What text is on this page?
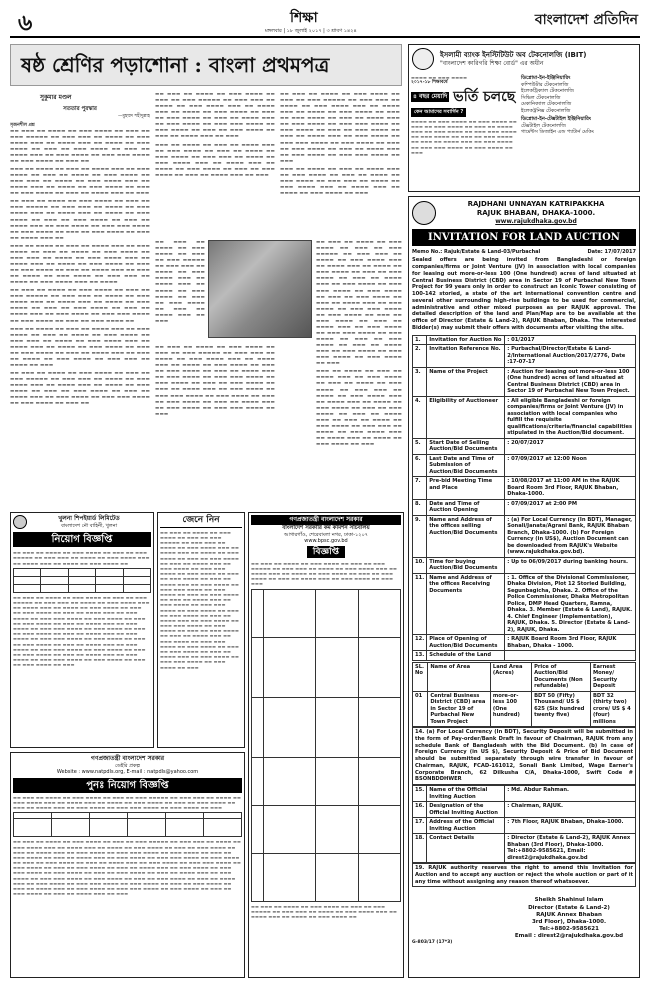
৬	শিক্ষা
মঙ্গলবার | ১৮ জুলাই ২০১৭ | ৩ শ্রাবণ ১৪২৪
বাংলাদেশ প্রতিদিন
ষষ্ঠ শ্রেণির পড়াশোনা : বাংলা প্রথমপত্র
সুকুমার মণ্ডল
সততার পুরস্কার
—মুহম্মদ শহীদুল্লাহ
সৃজনশীল প্রশ্ন

▬▬ ▬▬▬ ▬▬ ▬▬▬▬ ▬▬ ▬▬▬ ▬▬▬▬ ▬▬ ▬▬▬ ▬▬ ▬▬▬ ▬▬▬▬▬ ▬▬ ▬▬▬ ▬▬▬ ▬▬ ▬▬▬▬ ▬▬ ▬▬▬ ▬▬▬▬ ▬▬▬ ▬▬ ▬▬▬▬ ▬▬▬ ▬▬ ▬▬▬▬ ▬▬ ▬▬▬ ▬▬▬▬ ▬▬ ▬▬▬ ▬▬ ▬▬▬ ▬▬▬▬ ▬▬ ▬▬▬ ▬▬ ▬▬▬▬ ▬▬▬ ▬▬ ▬▬▬ ▬▬▬▬ ▬▬ ▬▬▬ ▬▬▬ ▬▬▬▬ ▬▬ ▬▬▬ ▬▬▬▬ ▬▬ ▬▬▬ ▬▬

▬▬▬ ▬▬ ▬▬▬▬ ▬▬ ▬▬▬ ▬▬ ▬▬▬▬ ▬▬▬ ▬▬ ▬▬▬ ▬▬▬▬ ▬▬ ▬▬▬ ▬▬ ▬▬▬▬ ▬▬ ▬▬▬ ▬▬▬▬ ▬▬ ▬▬▬ ▬▬▬ ▬▬ ▬▬▬▬ ▬▬ ▬▬▬ ▬▬▬▬ ▬▬▬ ▬▬ ▬▬▬▬ ▬▬▬ ▬▬ ▬▬▬▬ ▬▬ ▬▬▬ ▬▬▬▬ ▬▬ ▬▬▬ ▬▬ ▬▬▬ ▬▬▬▬ ▬▬ ▬▬▬ ▬▬ ▬▬▬▬ ▬▬▬ ▬▬ ▬▬▬

▬▬ ▬▬▬ ▬▬ ▬▬▬▬ ▬▬ ▬▬▬ ▬▬▬▬ ▬▬ ▬▬▬ ▬▬ ▬▬▬ ▬▬▬▬▬ ▬▬ ▬▬▬ ▬▬▬ ▬▬ ▬▬▬▬ ▬▬ ▬▬▬ ▬▬▬▬ ▬▬▬ ▬▬ ▬▬▬▬ ▬▬▬ ▬▬ ▬▬▬▬ ▬▬ ▬▬▬ ▬▬▬▬ ▬▬ ▬▬▬ ▬▬ ▬▬▬ ▬▬▬▬ ▬▬ ▬▬▬ ▬▬ ▬▬▬▬ ▬▬▬ ▬▬ ▬▬▬ ▬▬▬▬ ▬▬ ▬▬▬ ▬▬▬ ▬▬▬▬ ▬▬ ▬▬▬ ▬▬▬▬ ▬▬ ▬▬▬ ▬▬ ▬▬▬ ▬▬▬▬ ▬▬ ▬▬▬ ▬▬ ▬▬▬▬ ▬▬▬ ▬▬

▬▬▬ ▬▬ ▬▬▬▬ ▬▬ ▬▬▬ ▬▬ ▬▬▬▬ ▬▬▬ ▬▬ ▬▬▬ ▬▬▬▬ ▬▬ ▬▬▬ ▬▬ ▬▬▬▬ ▬▬ ▬▬▬ ▬▬▬▬ ▬▬ ▬▬▬ ▬▬▬ ▬▬ ▬▬▬▬ ▬▬ ▬▬▬ ▬▬▬▬ ▬▬▬ ▬▬ ▬▬▬▬ ▬▬▬ ▬▬ ▬▬▬▬ ▬▬ ▬▬▬ ▬▬▬▬ ▬▬ ▬▬▬ ▬▬ ▬▬▬ ▬▬▬▬ ▬▬ ▬▬▬ ▬▬ ▬▬▬▬ ▬▬▬ ▬▬ ▬▬▬ ▬▬ ▬▬▬▬ ▬▬ ▬▬▬ ▬▬▬▬ ▬▬ ▬▬▬ ▬▬▬ ▬▬ ▬▬▬▬ ▬▬ ▬▬▬ ▬▬▬▬ ▬▬▬ ▬▬ ▬▬▬▬

▬▬ ▬▬▬ ▬▬ ▬▬▬▬ ▬▬ ▬▬▬ ▬▬▬▬ ▬▬ ▬▬▬ ▬▬ ▬▬▬ ▬▬▬▬▬ ▬▬ ▬▬▬ ▬▬▬ ▬▬ ▬▬▬▬ ▬▬ ▬▬▬ ▬▬▬▬ ▬▬▬ ▬▬ ▬▬▬▬ ▬▬▬ ▬▬ ▬▬▬▬ ▬▬ ▬▬▬ ▬▬▬▬ ▬▬ ▬▬▬ ▬▬ ▬▬▬ ▬▬▬▬ ▬▬ ▬▬▬ ▬▬ ▬▬▬▬ ▬▬▬ ▬▬ ▬▬▬ ▬▬▬▬ ▬▬ ▬▬▬ ▬▬▬ ▬▬▬▬ ▬▬ ▬▬▬ ▬▬▬▬ ▬▬ ▬▬▬ ▬▬ ▬▬▬ ▬▬▬▬ ▬▬

▬▬▬ ▬▬ ▬▬▬▬ ▬▬ ▬▬▬ ▬▬ ▬▬▬▬ ▬▬▬ ▬▬ ▬▬▬ ▬▬▬▬ ▬▬ ▬▬▬ ▬▬ ▬▬▬▬ ▬▬ ▬▬▬ ▬▬▬▬ ▬▬ ▬▬▬ ▬▬▬ ▬▬ ▬▬▬▬ ▬▬ ▬▬▬ ▬▬▬▬ ▬▬▬ ▬▬ ▬▬▬▬ ▬▬▬ ▬▬ ▬▬▬▬ ▬▬ ▬▬▬ ▬▬▬▬ ▬▬ ▬▬▬ ▬▬ ▬▬▬ ▬▬▬▬ ▬▬ ▬▬▬ ▬▬ ▬▬▬▬ ▬▬▬ ▬▬ ▬▬▬ ▬▬ ▬▬▬▬ ▬▬ ▬▬▬ ▬▬▬▬ ▬▬ ▬▬▬ ▬▬▬ ▬▬ ▬▬▬▬ ▬▬ ▬▬▬

▬▬ ▬▬▬ ▬▬ ▬▬▬▬ ▬▬ ▬▬▬ ▬▬▬▬ ▬▬ ▬▬▬ ▬▬ ▬▬▬ ▬▬▬▬▬ ▬▬ ▬▬▬ ▬▬▬ ▬▬ ▬▬▬▬ ▬▬ ▬▬▬ ▬▬▬▬ ▬▬▬ ▬▬ ▬▬▬▬ ▬▬▬ ▬▬ ▬▬▬▬ ▬▬ ▬▬▬ ▬▬▬▬ ▬▬ ▬▬▬ ▬▬ ▬▬▬ ▬▬▬▬ ▬▬ ▬▬▬ ▬▬ ▬▬▬▬ ▬▬▬ ▬▬ ▬▬▬ ▬▬▬▬ ▬▬ ▬▬▬ ▬▬▬ ▬▬▬▬ ▬▬ ▬▬▬ ▬▬▬▬ ▬▬ ▬▬▬ ▬▬

▬▬ ▬▬▬ ▬▬ ▬▬▬▬ ▬▬ ▬▬▬ ▬▬▬▬ ▬▬ ▬▬▬ ▬▬ ▬▬▬ ▬▬▬▬▬ ▬▬ ▬▬▬ ▬▬▬ ▬▬ ▬▬▬▬ ▬▬ ▬▬▬ ▬▬▬▬ ▬▬▬ ▬▬ ▬▬▬▬ ▬▬▬ ▬▬ ▬▬▬▬ ▬▬ ▬▬▬ ▬▬▬▬ ▬▬ ▬▬▬ ▬▬ ▬▬▬ ▬▬▬▬ ▬▬ ▬▬▬ ▬▬ ▬▬▬▬ ▬▬▬ ▬▬ ▬▬▬ ▬▬▬▬ ▬▬ ▬▬▬ ▬▬▬ ▬▬▬▬ ▬▬ ▬▬▬ ▬▬▬▬ ▬▬ ▬▬▬ ▬▬ ▬▬▬ ▬▬▬▬ ▬▬ ▬▬▬ ▬▬ ▬▬▬▬ ▬▬▬ ▬▬ ▬▬▬

▬▬▬ ▬▬ ▬▬▬▬ ▬▬ ▬▬▬ ▬▬ ▬▬▬▬ ▬▬▬ ▬▬ ▬▬▬ ▬▬▬▬ ▬▬ ▬▬▬ ▬▬ ▬▬▬▬ ▬▬ ▬▬▬ ▬▬▬▬ ▬▬ ▬▬▬ ▬▬▬ ▬▬ ▬▬▬▬ ▬▬ ▬▬▬ ▬▬▬▬ ▬▬▬ ▬▬ ▬▬▬▬ ▬▬▬ ▬▬ ▬▬▬▬ ▬▬ ▬▬▬ ▬▬▬▬ ▬▬ ▬▬▬ ▬▬ ▬▬▬ ▬▬▬▬ ▬▬ ▬▬▬ ▬▬ ▬▬▬▬ ▬▬▬ ▬▬ ▬▬▬

▬▬ ▬▬▬ ▬▬ ▬▬▬▬ ▬▬ ▬▬▬ ▬▬▬▬ ▬▬ ▬▬▬ ▬▬ ▬▬▬ ▬▬▬▬▬ ▬▬ ▬▬▬ ▬▬▬ ▬▬ ▬▬▬▬ ▬▬ ▬▬▬ ▬▬▬▬ ▬▬▬ ▬▬ ▬▬▬▬ ▬▬▬ ▬▬ ▬▬▬▬ ▬▬ ▬▬▬ ▬▬▬▬ ▬▬ ▬▬▬ ▬▬ ▬▬▬ ▬▬▬▬ ▬▬ ▬▬▬ ▬▬ ▬▬▬▬ ▬▬▬ ▬▬ ▬▬▬

▬▬ ▬▬▬ ▬▬ ▬▬▬▬ ▬▬ ▬▬▬ ▬▬▬▬ ▬▬ ▬▬▬ ▬▬ ▬▬▬ ▬▬▬▬▬ ▬▬ ▬▬▬ ▬▬▬ ▬▬ ▬▬▬▬ ▬▬ ▬▬▬ ▬▬▬▬ ▬▬▬ ▬▬ ▬▬▬▬ ▬▬▬ ▬▬ ▬▬▬▬ ▬▬ ▬▬▬ ▬▬▬▬ ▬▬ ▬▬▬ ▬▬ ▬▬▬ ▬▬▬▬ ▬▬ ▬▬▬ ▬▬ ▬▬▬▬ ▬▬▬ ▬▬ ▬▬▬ ▬▬▬▬ ▬▬ ▬▬▬ ▬▬▬ ▬▬▬▬ ▬▬ ▬▬▬ ▬▬▬▬ ▬▬ ▬▬▬ ▬▬ ▬▬▬ ▬▬▬▬ ▬▬ ▬▬▬ ▬▬ ▬▬▬▬ ▬▬▬ ▬▬ ▬▬▬ ▬▬▬▬ ▬▬ ▬▬▬ ▬▬▬ ▬▬▬▬ ▬▬ ▬▬▬ ▬▬▬▬ ▬▬ ▬▬▬ ▬▬ ▬▬▬ ▬▬▬▬ ▬▬ ▬▬▬ ▬▬ ▬▬▬▬ ▬▬▬ ▬▬ ▬▬▬ ▬▬▬▬ ▬▬ ▬▬▬ ▬▬▬ ▬▬▬▬ ▬▬ ▬▬▬

▬▬ ▬▬▬ ▬▬ ▬▬▬▬ ▬▬ ▬▬▬ ▬▬▬▬ ▬▬ ▬▬▬ ▬▬ ▬▬▬ ▬▬▬▬▬ ▬▬ ▬▬▬ ▬▬▬ ▬▬ ▬▬▬▬ ▬▬ ▬▬▬ ▬▬▬▬ ▬▬▬ ▬▬ ▬▬▬▬ ▬▬▬ ▬▬ ▬▬▬▬ ▬▬ ▬▬▬ ▬▬▬▬ ▬▬ ▬▬▬ ▬▬ ▬▬▬ ▬▬▬▬ ▬▬ ▬▬▬ ▬▬ ▬▬▬▬ ▬▬▬ ▬▬ ▬▬▬ ▬▬▬▬ ▬▬ ▬▬▬ ▬▬▬ ▬▬▬▬ ▬▬ ▬▬▬ ▬▬▬▬ ▬▬ ▬▬▬ ▬▬ ▬▬▬ ▬▬▬▬ ▬▬ ▬▬▬ ▬▬ ▬▬▬▬ ▬▬▬ ▬▬ ▬▬▬ ▬▬▬▬ ▬▬ ▬▬▬ ▬▬▬ ▬▬▬▬ ▬▬ ▬▬▬ ▬▬▬▬ ▬▬ ▬▬▬ ▬▬ ▬▬▬ ▬▬▬▬ ▬▬ ▬▬▬ ▬▬ ▬▬▬▬ ▬▬▬ ▬▬ ▬▬▬ ▬▬▬▬ ▬▬ ▬▬▬ ▬▬▬ ▬▬▬▬ ▬▬ ▬▬▬

▬▬▬ ▬▬ ▬▬▬▬ ▬▬ ▬▬▬ ▬▬ ▬▬▬▬ ▬▬▬ ▬▬ ▬▬▬ ▬▬▬▬ ▬▬ ▬▬▬ ▬▬ ▬▬▬▬ ▬▬ ▬▬▬ ▬▬▬▬ ▬▬ ▬▬▬ ▬▬▬ ▬▬ ▬▬▬▬ ▬▬ ▬▬▬ ▬▬▬▬ ▬▬▬ ▬▬ ▬▬▬▬ ▬▬▬ ▬▬ ▬▬▬▬ ▬▬ ▬▬▬ ▬▬▬▬ ▬▬ ▬▬▬

▬▬ ▬▬▬ ▬▬ ▬▬▬▬ ▬▬ ▬▬▬ ▬▬▬▬ ▬▬ ▬▬▬ ▬▬ ▬▬▬ ▬▬▬▬▬ ▬▬ ▬▬▬ ▬▬▬ ▬▬ ▬▬▬▬ ▬▬ ▬▬▬ ▬▬▬▬ ▬▬▬ ▬▬ ▬▬▬▬ ▬▬▬ ▬▬ ▬▬▬▬ ▬▬ ▬▬▬ ▬▬▬▬ ▬▬ ▬▬▬ ▬▬ ▬▬▬ ▬▬▬▬ ▬▬ ▬▬▬ ▬▬ ▬▬▬▬ ▬▬▬ ▬▬ ▬▬▬ ▬▬▬▬ ▬▬ ▬▬▬ ▬▬▬ ▬▬▬▬ ▬▬ ▬▬▬ ▬▬▬▬ ▬▬ ▬▬▬ ▬▬ ▬▬▬ ▬▬▬▬ ▬▬ ▬▬▬ ▬▬ ▬▬▬▬ ▬▬▬ ▬▬ ▬▬▬ ▬▬▬▬ ▬▬ ▬▬▬ ▬▬▬ ▬▬▬▬ ▬▬ ▬▬▬ ▬▬▬▬ ▬▬ ▬▬▬ ▬▬ ▬▬▬ ▬▬▬▬ ▬▬ ▬▬▬ ▬▬ ▬▬▬▬ ▬▬▬ ▬▬ ▬▬▬ ▬▬▬▬ ▬▬ ▬▬▬ ▬▬▬ ▬▬▬▬ ▬▬ ▬▬▬ ▬▬▬▬ ▬▬ ▬▬▬ ▬▬ ▬▬▬ ▬▬▬▬ ▬▬ ▬▬▬ ▬▬ ▬▬▬▬ ▬▬▬ ▬▬ ▬▬▬ ▬▬▬▬ ▬▬ ▬▬▬ ▬▬▬ ▬▬▬▬ ▬▬ ▬▬▬ ▬▬▬▬ ▬▬ ▬▬▬

▬▬▬ ▬▬ ▬▬▬▬ ▬▬ ▬▬▬ ▬▬ ▬▬▬▬ ▬▬▬ ▬▬ ▬▬▬ ▬▬▬▬ ▬▬ ▬▬▬ ▬▬ ▬▬▬▬ ▬▬ ▬▬▬ ▬▬▬▬ ▬▬ ▬▬▬ ▬▬▬ ▬▬ ▬▬▬▬ ▬▬ ▬▬▬ ▬▬▬▬ ▬▬▬ ▬▬ ▬▬▬▬ ▬▬▬ ▬▬ ▬▬▬▬ ▬▬ ▬▬▬ ▬▬▬▬ ▬▬ ▬▬▬ ▬▬ ▬▬▬ ▬▬▬▬ ▬▬ ▬▬▬ ▬▬ ▬▬▬▬ ▬▬▬ ▬▬ ▬▬▬ ▬▬ ▬▬▬▬ ▬▬ ▬▬▬ ▬▬▬▬ ▬▬ ▬▬▬ ▬▬▬ ▬▬ ▬▬▬▬ ▬▬ ▬▬▬ ▬▬▬▬ ▬▬▬ ▬▬ ▬▬▬▬ ▬▬▬ ▬▬ ▬▬▬▬ ▬▬ ▬▬▬ ▬▬▬▬ ▬▬ ▬▬▬

ইসলামী ব্যাংক ইনস্টিটিউট অব টেকনোলজি (IBIT)
"বাংলাদেশ কারিগরি শিক্ষা বোর্ড" এর অধীন
▬▬▬▬ ▬▬ ▬▬▬ ▬▬▬▬
২০১৭-১৮ শিক্ষাবর্ষে
৪ বছর মেয়াদি ভর্তি চলছে
কেন আমাদের সবার্গিন ?
▬▬▬▬ ▬▬ ▬▬▬ ▬▬▬▬ ▬▬ ▬▬▬ ▬▬▬▬ ▬▬ ▬▬▬ ▬▬ ▬▬▬ ▬▬▬▬ ▬▬ ▬▬▬ ▬▬ ▬▬▬▬ ▬▬▬ ▬▬ ▬▬▬ ▬▬▬▬ ▬▬ ▬▬▬ ▬▬▬ ▬▬▬▬ ▬▬ ▬▬▬ ▬▬▬▬ ▬▬ ▬▬▬ ▬▬ ▬▬▬ ▬▬▬▬ ▬▬ ▬▬▬ ▬▬ ▬▬▬▬ ▬▬▬ ▬▬ ▬▬▬ ▬▬▬▬ ▬▬ ▬▬▬ ▬▬▬ ▬▬▬▬ ▬▬ ▬▬▬ ▬▬▬▬ ▬▬ ▬▬▬
ডিপ্লোমা-ইন-ইঞ্জিনিয়ারিং
কম্পিউটার টেকনোলজি
ইলেকট্রিক্যাল টেকনোলজি
সিভিল টেকনোলজি
মেকানিক্যাল টেকনোলজি
ইলেকট্রনিক্স টেকনোলজি
ডিপ্লোমা-ইন-টেক্সটাইল ইঞ্জিনিয়ারিং
টেক্সটাইল টেকনোলজি
গার্মেন্টস ডিজাইন এন্ড প্যাটার্ন মেকিং
RAJDHANI UNNAYAN KATRIPAKKHA
RAJUK BHABAN, DHAKA-1000.
www.rajukdhaka.gov.bd
INVITATION FOR LAND AUCTION
Memo No.: Rajuk/Estate & Land-03/Purbachal	Date: 17/07/2017

Sealed offers are being invited from Bangladeshi or foreign companies/firms or Joint Venture (JV) in association with local companies for leasing out more-or-less 100 (One hundred) acres of land situated at Central Business District (CBD) area in Sector 19 of Purbachal New Town Project for 99 years only in order to construct an Iconic Tower consisting of 100-142 storied, a state of the art international convention centre and several other surrounding high-rise buildings to be used for commercial, administrative and other mixed purposes as per RAJUK approval. The detailed description of the land and Plan/Map are to be available at the office of Director (Estate & Land-2), RAJUK Bhaban, Dhaka. The interested Bidder(s) may submit their offers with documents after visiting the site.

1.	Invitation for Auction No	: 01/2017
2.	Invitation Reference No.	: Purbachal/Director/Estate & Land-2/International Auction/2017/2776, Date :17-07-17
3.	Name of the Project	: Auction for leasing out more-or-less 100 (One hundred) acres of land situated at Central Business District (CBD) area in Sector 19 of Purbachal New Town Project.
4.	Eligibility of Auctioneer	: All eligible Bangladeshi or foreign companies/firms or Joint Venture (JV) in association with local companies who fulfill the requisite qualifications/criteria/financial capabilities stipulated in the Auction/Bid document.
5.	Start Date of Selling Auction/Bid Documents	: 20/07/2017
6.	Last Date and Time of Submission of Auction/Bid Documents	: 07/09/2017 at 12:00 Noon
7.	Pre-bid Meeting Time and Place	: 10/08/2017 at 11:00 AM in the RAJUK Board Room 3rd Floor, RAJUK Bhaban, Dhaka-1000.
8.	Date and Time of Auction Opening	: 07/09/2017 at 2:00 PM
9.	Name and Address of the offices selling Auction/Bid Documents	: (a) For Local Currency (In BDT), Manager, Sonali/Janata/Agrani Bank, RAJUK Bhaban Branch, Dhaka-1000. (b) For Foreign Currency (in US$), Auction Document can be downloaded from RAJUK's Website (www.rajukdhaka.gov.bd).
10.	Time for buying Auction/Bid Documents	: Up to 06/09/2017 during banking hours.
11.	Name and Address of the offices Receiving Documents	: 1. Office of the Divisional Commissioner, Dhaka Division, Plot 12 Storied Building, Segunbagicha, Dhaka. 2. Office of the Police Commissioner, Dhaka Metropolitan Police, DMP Head Quarters, Ramna, Dhaka. 3. Member (Estate & Land), RAJUK. 4. Chief Engineer (Implementation), RAJUK, Dhaka. 5. Director (Estate & Land-2), RAJUK, Dhaka.
12.	Place of Opening of Auction/Bid Documents	: RAJUK Board Room 3rd Floor, RAJUK Bhaban, Dhaka - 1000.
13.	Schedule of the Land	
SL. No	Name of Area	Land Area (Acres)	Price of Auction/Bid Documents (Non refundable)	Earnest Money/ Security Deposit
01	Central Business District (CBD) area in Sector 19 of Purbachal New Town Project	more-or-less 100 (One hundred)	BDT 50 (Fifty) Thousand/ US $ 625 (Six hundred twenty five)	BDT 32 (thirty two) crore/ US $ 4 (four) millions
14. (a) For Local Currency (In BDT), Security Deposit will be submitted in the form of Pay-order/Bank Draft in favour of Chairman, RAJUK from any schedule Bank of Bangladesh with the Bid Document. (b) In case of Foreign Currency (in US $), Security Deposit & Price of Bid Document should be submitted separately through wire transfer in favour of Chairman, RAJUK, FCAD-161012, Sonali Bank Limited, Wage Earner's Corporate Branch, 62 Dilkusha C/A, Dhaka-1000, Swift Code # BSONBDDHWER
15.	Name of the Official Inviting Auction	: Md. Abdur Rahman.
16.	Designation of the Official Inviting Auction	: Chairman, RAJUK.
17.	Address of the Official Inviting Auction	: 7th Floor, RAJUK Bhaban, Dhaka-1000.
18.	Contact Details	: Director (Estate & Land-2), RAJUK Annex Bhaban (3rd Floor), Dhaka-1000. Tel:+8802-9585621, Email: direst2@rajukdhaka.gov.bd
19. RAJUK authority reserves the right to amend this Invitation for Auction and to accept any auction or reject the whole auction or part of it any time without assigning any reason thereof whatsoever.
Sheikh Shahinul Islam
Director (Estate & Land-2)
RAJUK Annex Bhaban
3rd Floor), Dhaka-1000.
Tel:+8802-9585621
Email : direst2@rajukdhaka.gov.bd
G-803/17 (17*3)
খুলনা শিপইয়ার্ড লিমিটেড
বাংলাদেশ নৌ বাহিনী, খুলনা
নিয়োগ বিজ্ঞপ্তি

▬▬ ▬▬▬ ▬▬ ▬▬▬▬ ▬▬ ▬▬▬ ▬▬▬▬ ▬▬ ▬▬▬ ▬▬ ▬▬▬ ▬▬▬▬▬ ▬▬ ▬▬▬ ▬▬▬ ▬▬ ▬▬▬▬ ▬▬ ▬▬▬ ▬▬▬▬ ▬▬▬ ▬▬ ▬▬▬▬ ▬▬▬ ▬▬ ▬▬▬▬ ▬▬ ▬▬▬ ▬▬▬▬ ▬▬

▬▬ ▬▬▬ ▬▬ ▬▬▬▬ ▬▬ ▬▬▬ ▬▬▬▬ ▬▬ ▬▬▬ ▬▬ ▬▬▬ ▬▬▬▬▬ ▬▬ ▬▬▬ ▬▬▬ ▬▬ ▬▬▬▬ ▬▬ ▬▬▬ ▬▬▬▬ ▬▬▬ ▬▬ ▬▬▬▬ ▬▬▬ ▬▬ ▬▬▬▬ ▬▬ ▬▬▬ ▬▬▬▬ ▬▬ ▬▬▬ ▬▬ ▬▬▬ ▬▬▬▬ ▬▬ ▬▬▬ ▬▬ ▬▬▬▬ ▬▬▬ ▬▬ ▬▬▬ ▬▬▬▬ ▬▬ ▬▬▬ ▬▬▬ ▬▬▬▬ ▬▬ ▬▬▬ ▬▬▬▬ ▬▬ ▬▬▬ ▬▬ ▬▬▬ ▬▬▬▬ ▬▬ ▬▬▬ ▬▬ ▬▬▬▬ ▬▬▬ ▬▬ ▬▬▬ ▬▬▬▬ ▬▬ ▬▬▬ ▬▬▬ ▬▬▬▬ ▬▬ ▬▬▬ ▬▬▬▬ ▬▬ ▬▬▬ ▬▬ ▬▬▬ ▬▬▬▬ ▬▬ ▬▬▬ ▬▬ ▬▬▬▬ ▬▬▬ ▬▬ ▬▬▬ ▬▬▬▬ ▬▬ ▬▬▬ ▬▬▬ ▬▬▬▬ ▬▬ ▬▬▬ ▬▬▬▬ ▬▬ ▬▬▬ ▬▬ ▬▬▬ ▬▬▬▬ ▬▬ ▬▬▬ ▬▬ ▬▬▬▬ ▬▬▬ ▬▬ ▬▬▬ ▬▬▬▬ ▬▬ ▬▬▬ ▬▬▬ ▬▬▬▬ ▬▬ ▬▬▬ ▬▬▬▬ ▬▬ ▬▬▬ ▬▬ ▬▬▬ ▬▬▬▬ ▬▬ ▬▬▬ ▬▬ ▬▬▬▬ ▬▬▬ ▬▬ ▬▬▬ ▬▬▬▬ ▬▬ ▬▬▬ ▬▬▬ ▬▬▬▬ ▬▬ ▬▬▬ ▬▬▬▬ ▬▬ ▬▬▬ ▬▬ ▬▬▬ ▬▬▬▬ ▬▬ ▬▬▬

জেনে নিন

▬▬ ▬▬▬ ▬▬ ▬▬▬▬ ▬▬ ▬▬▬ ▬▬▬▬ ▬▬ ▬▬▬ ▬▬ ▬▬▬ ▬▬▬▬▬ ▬▬ ▬▬▬ ▬▬▬ ▬▬ ▬▬▬▬ ▬▬ ▬▬▬ ▬▬▬▬ ▬▬▬ ▬▬ ▬▬▬▬ ▬▬▬ ▬▬ ▬▬▬▬ ▬▬ ▬▬▬ ▬▬▬▬ ▬▬ ▬▬▬ ▬▬ ▬▬▬ ▬▬▬▬ ▬▬ ▬▬▬ ▬▬ ▬▬▬▬ ▬▬▬ ▬▬ ▬▬▬ ▬▬▬▬ ▬▬ ▬▬▬ ▬▬▬ ▬▬▬▬ ▬▬ ▬▬▬ ▬▬▬▬ ▬▬ ▬▬▬ ▬▬ ▬▬▬ ▬▬▬▬ ▬▬ ▬▬▬ ▬▬ ▬▬▬▬ ▬▬▬ ▬▬ ▬▬▬ ▬▬▬▬ ▬▬ ▬▬▬ ▬▬▬ ▬▬▬▬ ▬▬ ▬▬▬ ▬▬▬▬ ▬▬ ▬▬▬ ▬▬ ▬▬▬ ▬▬▬▬ ▬▬ ▬▬▬ ▬▬ ▬▬▬▬ ▬▬▬ ▬▬ ▬▬▬ ▬▬▬▬ ▬▬ ▬▬▬ ▬▬▬ ▬▬▬▬ ▬▬ ▬▬▬ ▬▬▬▬ ▬▬ ▬▬▬ ▬▬ ▬▬▬ ▬▬▬▬ ▬▬ ▬▬▬ ▬▬ ▬▬▬▬ ▬▬▬ ▬▬ ▬▬▬ ▬▬▬▬ ▬▬ ▬▬▬ ▬▬▬ ▬▬▬▬ ▬▬ ▬▬▬ ▬▬▬▬ ▬▬ ▬▬▬ ▬▬ ▬▬▬ ▬▬▬▬ ▬▬ ▬▬▬ ▬▬ ▬▬▬▬ ▬▬▬ ▬▬ ▬▬▬ ▬▬▬▬ ▬▬ ▬▬▬ ▬▬▬ ▬▬▬▬ ▬▬ ▬▬▬ ▬▬▬▬ ▬▬ ▬▬▬ ▬▬ ▬▬▬ ▬▬▬▬ ▬▬ ▬▬▬ ▬▬ ▬▬▬▬ ▬▬▬ ▬▬ ▬▬▬ ▬▬▬▬ ▬▬ ▬▬▬ ▬▬▬ ▬▬▬▬ ▬▬ ▬▬▬ ▬▬▬▬ ▬▬ ▬▬▬

গণপ্রজাতন্ত্রী বাংলাদেশ সরকার
বাংলাদেশ সরকারি কর্ম কমিশন সচিবালয়
আগারগাঁও, শেরেবাংলা নগর, ঢাকা-১২০৭
www.bpsc.gov.bd
বিজ্ঞপ্তি

▬▬ ▬▬▬ ▬▬ ▬▬▬▬ ▬▬ ▬▬▬ ▬▬▬▬ ▬▬ ▬▬▬ ▬▬ ▬▬▬ ▬▬▬▬▬ ▬▬ ▬▬▬ ▬▬▬ ▬▬ ▬▬▬▬ ▬▬ ▬▬▬ ▬▬▬▬ ▬▬▬ ▬▬ ▬▬▬▬ ▬▬▬ ▬▬ ▬▬▬▬ ▬▬ ▬▬▬ ▬▬▬▬ ▬▬ ▬▬▬ ▬▬ ▬▬▬ ▬▬▬▬ ▬▬ ▬▬▬ ▬▬ ▬▬▬▬ ▬▬▬ ▬▬ ▬▬▬ ▬▬▬▬ ▬▬ ▬▬▬ ▬▬▬

▬▬ ▬▬▬ ▬▬ ▬▬▬▬ ▬▬ ▬▬▬ ▬▬▬▬ ▬▬ ▬▬▬ ▬▬ ▬▬▬ ▬▬▬▬▬ ▬▬ ▬▬▬ ▬▬▬ ▬▬ ▬▬▬▬ ▬▬ ▬▬▬ ▬▬▬▬ ▬▬▬ ▬▬ ▬▬▬▬ ▬▬▬ ▬▬ ▬▬▬▬ ▬▬ ▬▬▬ ▬▬▬▬ ▬▬

গণপ্রজাতন্ত্রী বাংলাদেশ সরকার
ডেইরি প্রকল্প
Website : www.natpdls.org, E-mail : natpdls@yahoo.com
পুনঃ নিয়োগ বিজ্ঞপ্তি

▬▬ ▬▬▬ ▬▬ ▬▬▬▬ ▬▬ ▬▬▬ ▬▬▬▬ ▬▬ ▬▬▬ ▬▬ ▬▬▬ ▬▬▬▬▬ ▬▬ ▬▬▬ ▬▬▬ ▬▬ ▬▬▬▬ ▬▬ ▬▬▬ ▬▬▬▬ ▬▬▬ ▬▬ ▬▬▬▬ ▬▬▬ ▬▬ ▬▬▬▬ ▬▬ ▬▬▬ ▬▬▬▬ ▬▬ ▬▬▬ ▬▬ ▬▬▬ ▬▬▬▬ ▬▬ ▬▬▬ ▬▬ ▬▬▬▬ ▬▬▬ ▬▬ ▬▬▬ ▬▬▬▬ ▬▬ ▬▬▬ ▬▬▬ ▬▬▬▬ ▬▬ ▬▬▬ ▬▬▬▬ ▬▬ ▬▬▬

▬▬ ▬▬▬ ▬▬ ▬▬▬▬ ▬▬ ▬▬▬ ▬▬▬▬ ▬▬ ▬▬▬ ▬▬ ▬▬▬ ▬▬▬▬▬ ▬▬ ▬▬▬ ▬▬▬ ▬▬ ▬▬▬▬ ▬▬ ▬▬▬ ▬▬▬▬ ▬▬▬ ▬▬ ▬▬▬▬ ▬▬▬ ▬▬ ▬▬▬▬ ▬▬ ▬▬▬ ▬▬▬▬ ▬▬ ▬▬▬ ▬▬ ▬▬▬ ▬▬▬▬ ▬▬ ▬▬▬ ▬▬ ▬▬▬▬ ▬▬▬ ▬▬ ▬▬▬ ▬▬▬▬ ▬▬ ▬▬▬ ▬▬▬ ▬▬▬▬ ▬▬ ▬▬▬ ▬▬▬▬ ▬▬ ▬▬▬ ▬▬ ▬▬▬ ▬▬▬▬ ▬▬ ▬▬▬ ▬▬ ▬▬▬▬ ▬▬▬ ▬▬ ▬▬▬ ▬▬▬▬ ▬▬ ▬▬▬ ▬▬▬ ▬▬▬▬ ▬▬ ▬▬▬ ▬▬▬▬ ▬▬ ▬▬▬ ▬▬ ▬▬▬ ▬▬▬▬ ▬▬ ▬▬▬ ▬▬ ▬▬▬▬ ▬▬▬ ▬▬ ▬▬▬ ▬▬▬▬ ▬▬ ▬▬▬ ▬▬▬ ▬▬▬▬ ▬▬ ▬▬▬ ▬▬▬▬ ▬▬ ▬▬▬ ▬▬ ▬▬▬ ▬▬▬▬ ▬▬ ▬▬▬ ▬▬ ▬▬▬▬ ▬▬▬ ▬▬ ▬▬▬ ▬▬▬▬ ▬▬ ▬▬▬ ▬▬▬ ▬▬▬▬ ▬▬ ▬▬▬ ▬▬▬▬ ▬▬ ▬▬▬ ▬▬ ▬▬▬ ▬▬▬▬ ▬▬ ▬▬▬ ▬▬ ▬▬▬▬ ▬▬▬ ▬▬ ▬▬▬ ▬▬▬▬ ▬▬ ▬▬▬ ▬▬▬ ▬▬▬▬ ▬▬ ▬▬▬ ▬▬▬▬ ▬▬ ▬▬▬ ▬▬ ▬▬▬ ▬▬▬▬ ▬▬ ▬▬▬ ▬▬ ▬▬▬▬ ▬▬▬ ▬▬ ▬▬▬ ▬▬▬▬ ▬▬ ▬▬▬ ▬▬▬ ▬▬▬▬ ▬▬ ▬▬▬ ▬▬▬▬ ▬▬ ▬▬▬ ▬▬ ▬▬▬ ▬▬▬▬ ▬▬ ▬▬▬ ▬▬ ▬▬▬▬ ▬▬▬ ▬▬ ▬▬▬ ▬▬▬▬ ▬▬ ▬▬▬ ▬▬▬ ▬▬▬▬ ▬▬ ▬▬▬ ▬▬▬▬ ▬▬ ▬▬▬ ▬▬ ▬▬▬ ▬▬▬▬ ▬▬ ▬▬▬ ▬▬ ▬▬▬▬ ▬▬▬ ▬▬ ▬▬▬
